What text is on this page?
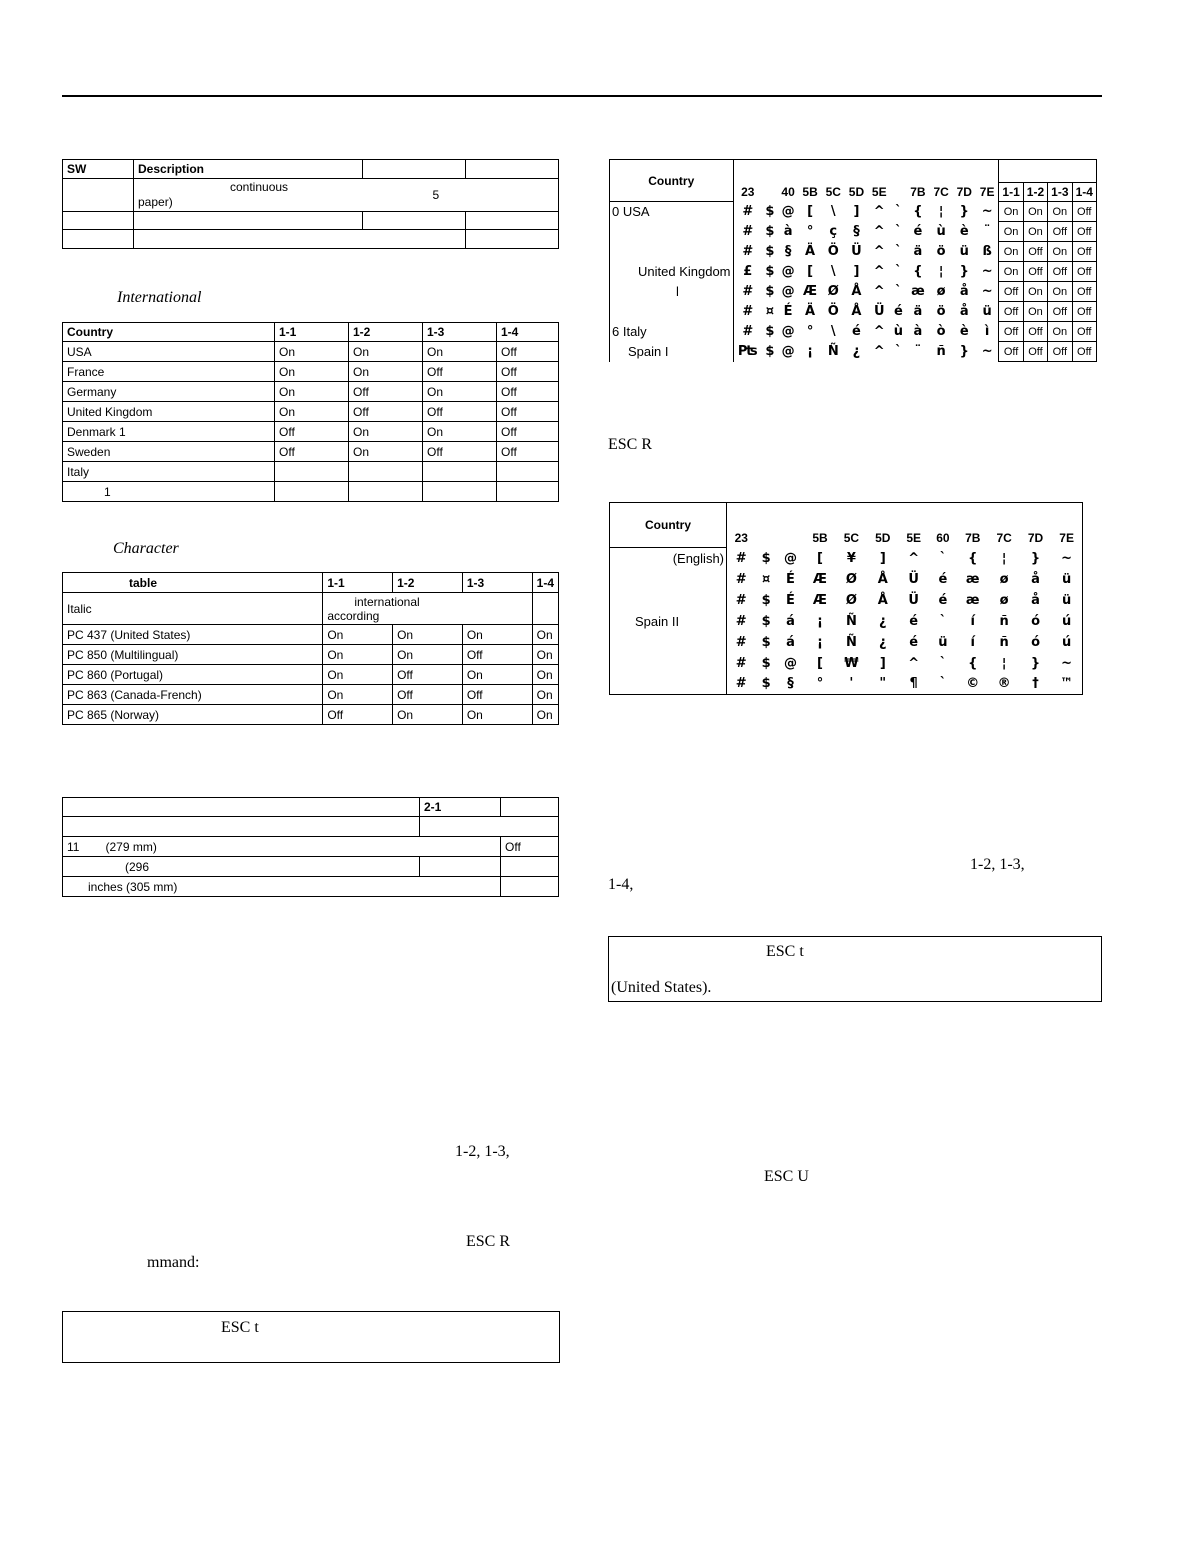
SW	Description		

	continuous
paper)	5	

International
Country	1-1	1-2	1-3	1-4
USA	On	On	On	Off
France	On	On	Off	Off
Germany	On	Off	On	Off
United Kingdom	On	Off	Off	Off
Denmark 1	Off	On	On	Off
Sweden	Off	On	Off	Off
Italy				
1				
Character
table	1-1	1-2	1-3	1-4
Italic	international
according			

PC 437 (United States)	On	On	On	On
PC 850 (Multilingual)	On	On	Off	On
PC 860 (Portugal)	On	Off	On	On
PC 863 (Canada-French)	On	Off	Off	On
PC 865 (Norway)	Off	On	On	On
	2-1	

11 (279 mm)		Off
(296		
inches (305 mm)		
1-2, 1-3,
ESC R
mmand:
ESC t
Country																
	23		40	5B	5C	5D	5E		7B	7C	7D	7E	1-1	1-2	1-3	1-4
0 USA	#	$	@	[	\	]	^	`	{	¦	}	~	On	On	On	Off
	#	$	à	°	ç	§	^	`	é	ù	è	¨	On	On	Off	Off
	#	$	§	Ä	Ö	Ü	^	`	ä	ö	ü	ß	On	Off	On	Off
United Kingdom	£	$	@	[	\	]	^	`	{	¦	}	~	On	Off	Off	Off
l	#	$	@	Æ	Ø	Å	^	`	æ	ø	å	~	Off	On	On	Off
	#	¤	É	Ä	Ö	Å	Ü	é	ä	ö	å	ü	Off	On	Off	Off
6 Italy	#	$	@	°	\	é	^	ù	à	ò	è	ì	Off	Off	On	Off
Spain I	₧	$	@	¡	Ñ	¿	^	`	¨	ñ	}	~	Off	Off	Off	Off
ESC R
Country												
	23			5B	5C	5D	5E	60	7B	7C	7D	7E
(English)	#	$	@	[	¥	]	^	`	{	¦	}	~
	#	¤	É	Æ	Ø	Å	Ü	é	æ	ø	å	ü
	#	$	É	Æ	Ø	Å	Ü	é	æ	ø	å	ü
Spain II	#	$	á	¡	Ñ	¿	é	`	í	ñ	ó	ú
	#	$	á	¡	Ñ	¿	é	ü	í	ñ	ó	ú
	#	$	@	[	₩	]	^	`	{	¦	}	~
	#	$	§	°	'	"	¶	`	©	®	†	™
1-2, 1-3,
1-4,
ESC t
(United States).
ESC U
